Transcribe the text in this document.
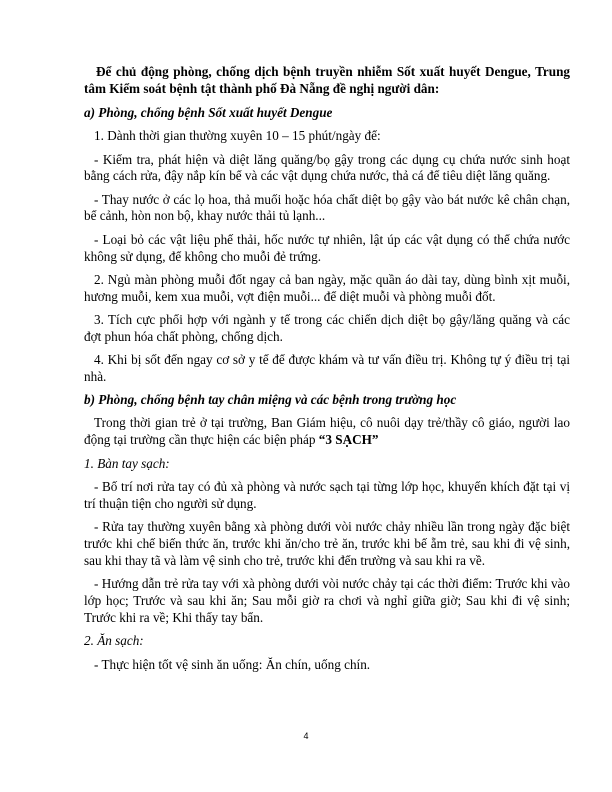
Để chủ động phòng, chống dịch bệnh truyền nhiễm Sốt xuất huyết Dengue, Trung tâm Kiểm soát bệnh tật thành phố Đà Nẵng đề nghị người dân:

a) Phòng, chống bệnh Sốt xuất huyết Dengue

1. Dành thời gian thường xuyên 10 – 15 phút/ngày để:

- Kiểm tra, phát hiện và diệt lăng quăng/bọ gậy trong các dụng cụ chứa nước sinh hoạt bằng cách rửa, đậy nắp kín bể và các vật dụng chứa nước, thả cá để tiêu diệt lăng quăng.

- Thay nước ở các lọ hoa, thả muối hoặc hóa chất diệt bọ gậy vào bát nước kê chân chạn, bể cảnh, hòn non bộ, khay nước thải tủ lạnh...

- Loại bỏ các vật liệu phế thải, hốc nước tự nhiên, lật úp các vật dụng có thể chứa nước không sử dụng, để không cho muỗi đẻ trứng.

2. Ngủ màn phòng muỗi đốt ngay cả ban ngày, mặc quần áo dài tay, dùng bình xịt muỗi, hương muỗi, kem xua muỗi, vợt điện muỗi... để diệt muỗi và phòng muỗi đốt.

3. Tích cực phối hợp với ngành y tế trong các chiến dịch diệt bọ gậy/lăng quăng và các đợt phun hóa chất phòng, chống dịch.

4. Khi bị sốt đến ngay cơ sở y tế để được khám và tư vấn điều trị. Không tự ý điều trị tại nhà.

b) Phòng, chống bệnh tay chân miệng và các bệnh trong trường học

Trong thời gian trẻ ở tại trường, Ban Giám hiệu, cô nuôi dạy trẻ/thầy cô giáo, người lao động tại trường cần thực hiện các biện pháp “3 SẠCH”

1. Bàn tay sạch:

- Bố trí nơi rửa tay có đủ xà phòng và nước sạch tại từng lớp học, khuyến khích đặt tại vị trí thuận tiện cho người sử dụng.

- Rửa tay thường xuyên bằng xà phòng dưới vòi nước chảy nhiều lần trong ngày đặc biệt trước khi chế biến thức ăn, trước khi ăn/cho trẻ ăn, trước khi bế ẵm trẻ, sau khi đi vệ sinh, sau khi thay tã và làm vệ sinh cho trẻ, trước khi đến trường và sau khi ra về.

- Hướng dẫn trẻ rửa tay với xà phòng dưới vòi nước chảy tại các thời điểm: Trước khi vào lớp học; Trước và sau khi ăn; Sau mỗi giờ ra chơi và nghỉ giữa giờ; Sau khi đi vệ sinh; Trước khi ra về; Khi thấy tay bẩn.

2. Ăn sạch:

- Thực hiện tốt vệ sinh ăn uống: Ăn chín, uống chín.

4
